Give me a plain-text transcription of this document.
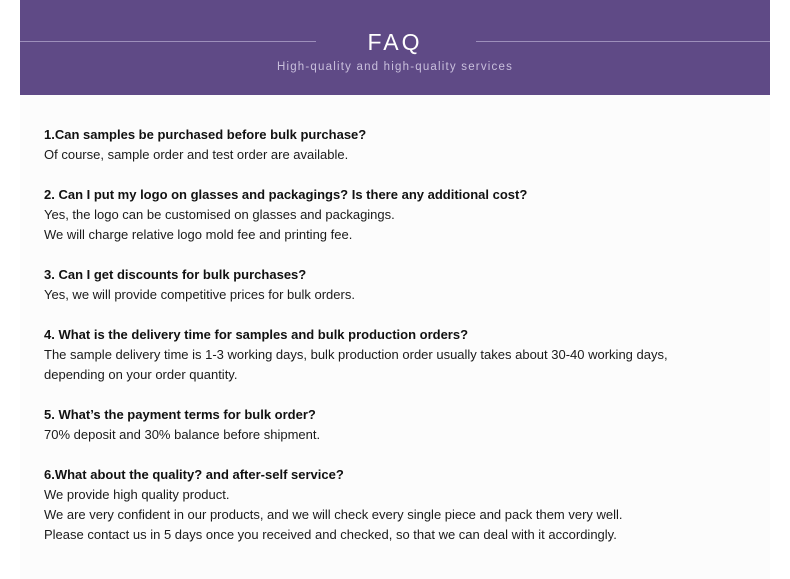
FAQ
High-quality and high-quality services

1.Can samples be purchased before bulk purchase?

Of course, sample order and test order are available.

2. Can I put my logo on glasses and packagings? Is there any additional cost?

Yes, the logo can be customised on glasses and packagings.

We will charge relative logo mold fee and printing fee.

3. Can I get discounts for bulk purchases?

Yes, we will provide competitive prices for bulk orders.

4. What is the delivery time for samples and bulk production orders?

The sample delivery time is 1-3 working days, bulk production order usually takes about 30-40 working days,

depending on your order quantity.

5. What’s the payment terms for bulk order?

70% deposit and 30% balance before shipment.

6.What about the quality? and after-self service?

We provide high quality product.

We are very confident in our products, and we will check every single piece and pack them very well.

Please contact us in 5 days once you received and checked, so that we can deal with it accordingly.
